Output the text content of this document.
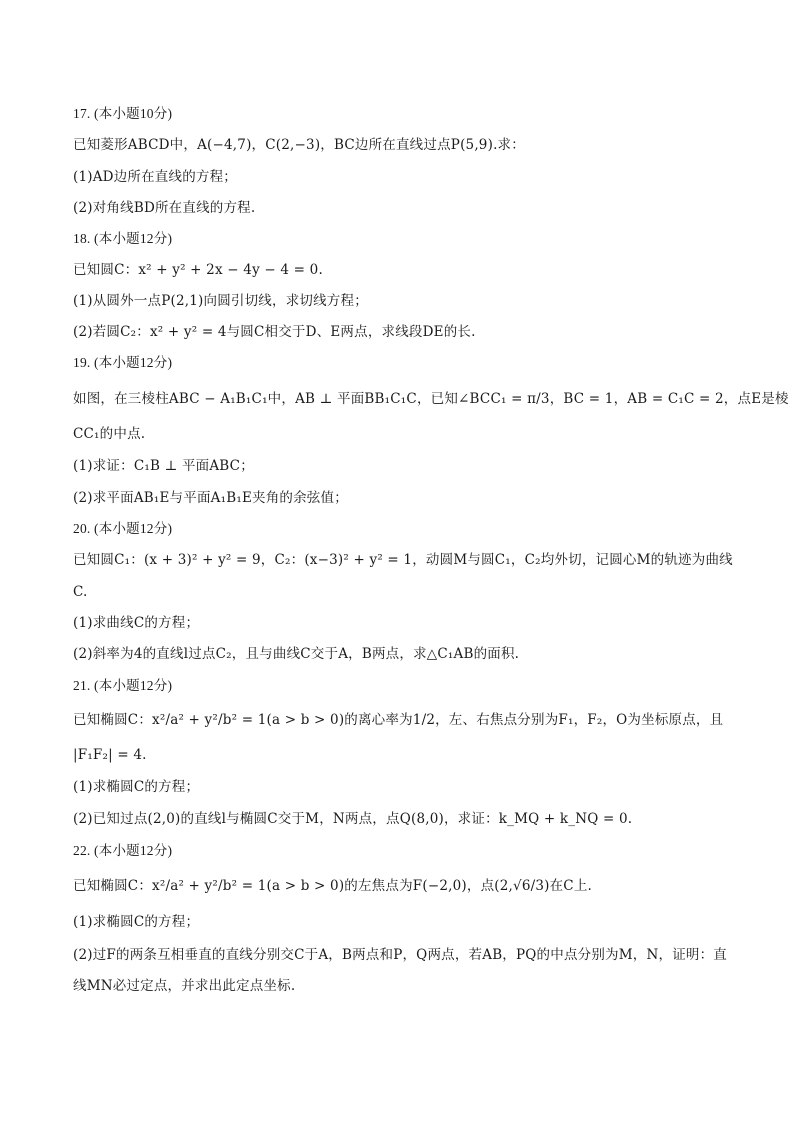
17. (本小题10分)
已知菱形ABCD中，A(−4,7)，C(2,−3)，BC边所在直线过点P(5,9).求：
(1)AD边所在直线的方程；
(2)对角线BD所在直线的方程.
18. (本小题12分)
已知圆C：x² + y² + 2x − 4y − 4 = 0.
(1)从圆外一点P(2,1)向圆引切线，求切线方程；
(2)若圆C₂：x² + y² = 4与圆C相交于D、E两点，求线段DE的长.
19. (本小题12分)
如图，在三棱柱ABC − A₁B₁C₁中，AB ⊥ 平面BB₁C₁C，已知∠BCC₁ = π/3，BC = 1，AB = C₁C = 2，点E是棱
CC₁的中点.
(1)求证：C₁B ⊥ 平面ABC；
(2)求平面AB₁E与平面A₁B₁E夹角的余弦值；
20. (本小题12分)
已知圆C₁：(x + 3)² + y² = 9，C₂：(x−3)² + y² = 1，动圆M与圆C₁，C₂均外切，记圆心M的轨迹为曲线
C.
(1)求曲线C的方程；
(2)斜率为4的直线l过点C₂，且与曲线C交于A，B两点，求△C₁AB的面积.
21. (本小题12分)
已知椭圆C：x²/a² + y²/b² = 1(a > b > 0)的离心率为1/2，左、右焦点分别为F₁，F₂，O为坐标原点，且
|F₁F₂| = 4.
(1)求椭圆C的方程；
(2)已知过点(2,0)的直线l与椭圆C交于M，N两点，点Q(8,0)，求证：k_MQ + k_NQ = 0.
22. (本小题12分)
已知椭圆C：x²/a² + y²/b² = 1(a > b > 0)的左焦点为F(−2,0)，点(2,√6/3)在C上.
(1)求椭圆C的方程；
(2)过F的两条互相垂直的直线分别交C于A，B两点和P，Q两点，若AB，PQ的中点分别为M，N，证明：直
线MN必过定点，并求出此定点坐标.
